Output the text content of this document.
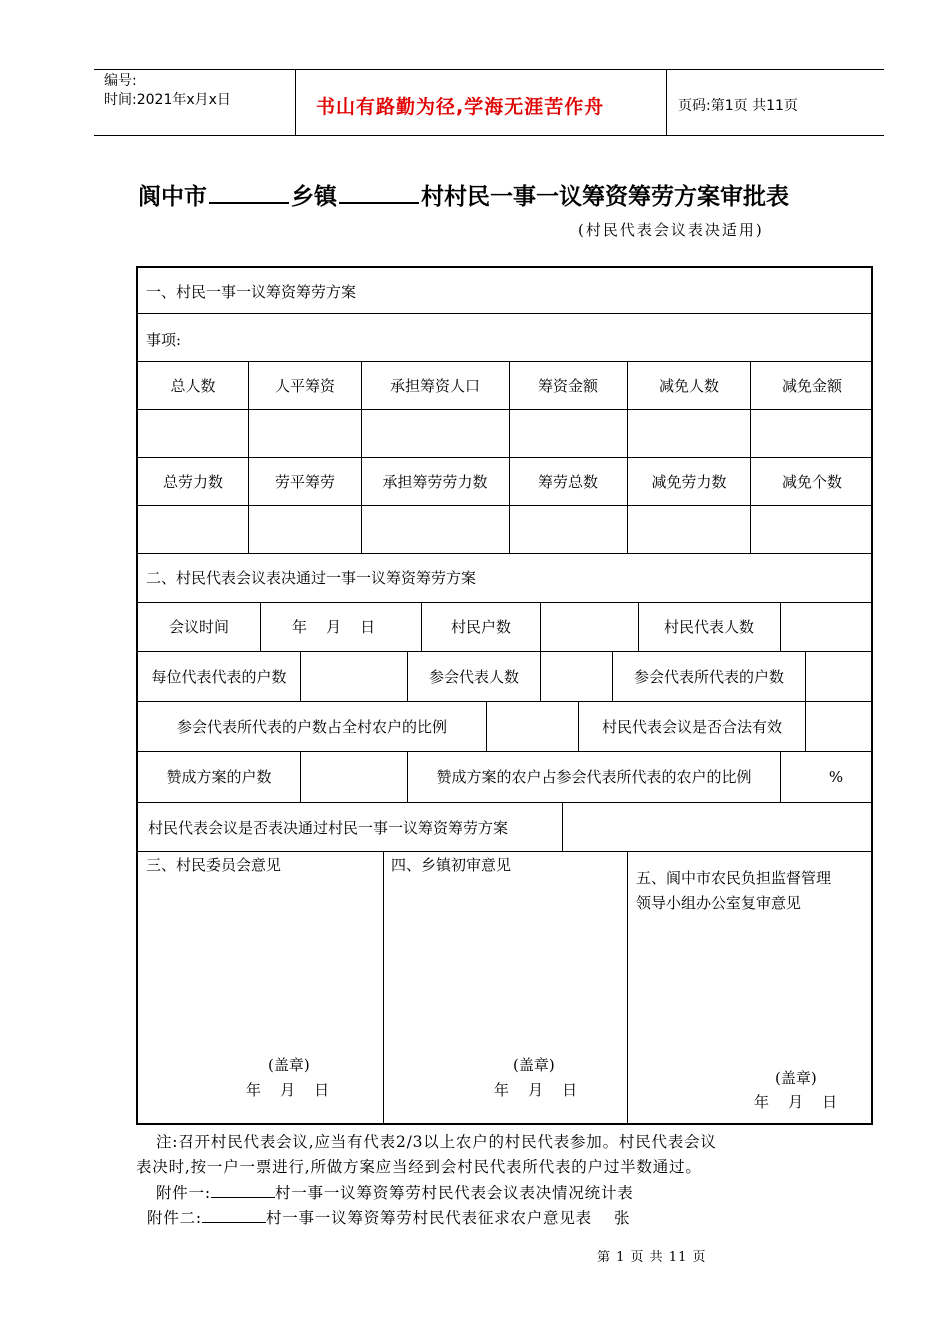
编号:
时间:2021年x月x日	书山有路勤为径,学海无涯苦作舟	页码:第1页 共11页
阆中市	乡镇	村村民一事一议筹资筹劳方案审批表
(村民代表会议表决适用)
一、村民一事一议筹资筹劳方案
事项:
总人数	人平筹资	承担筹资人口	筹资金额	减免人数	减免金额
总劳力数	劳平筹劳	承担筹劳劳力数	筹劳总数	减免劳力数	减免个数
二、村民代表会议表决通过一事一议筹资筹劳方案
会议时间	年    月    日	村民户数	村民代表人数
每位代表代表的户数	参会代表人数	参会代表所代表的户数
参会代表所代表的户数占全村农户的比例	村民代表会议是否合法有效
赞成方案的户数	赞成方案的农户占参会代表所代表的农户的比例	%
村民代表会议是否表决通过村民一事一议筹资筹劳方案
三、村民委员会意见	四、乡镇初审意见
五、阆中市农民负担监督管理
领导小组办公室复审意见
(盖章)
年    月    日
(盖章)
年    月    日
(盖章)
年    月    日
注:召开村民代表会议,应当有代表2/3以上农户的村民代表参加。村民代表会议
表决时,按一户一票进行,所做方案应当经到会村民代表所代表的户过半数通过。
附件一:	村一事一议筹资筹劳村民代表会议表决情况统计表
附件二:	村一事一议筹资筹劳村民代表征求农户意见表 张
第 1 页 共 11 页
